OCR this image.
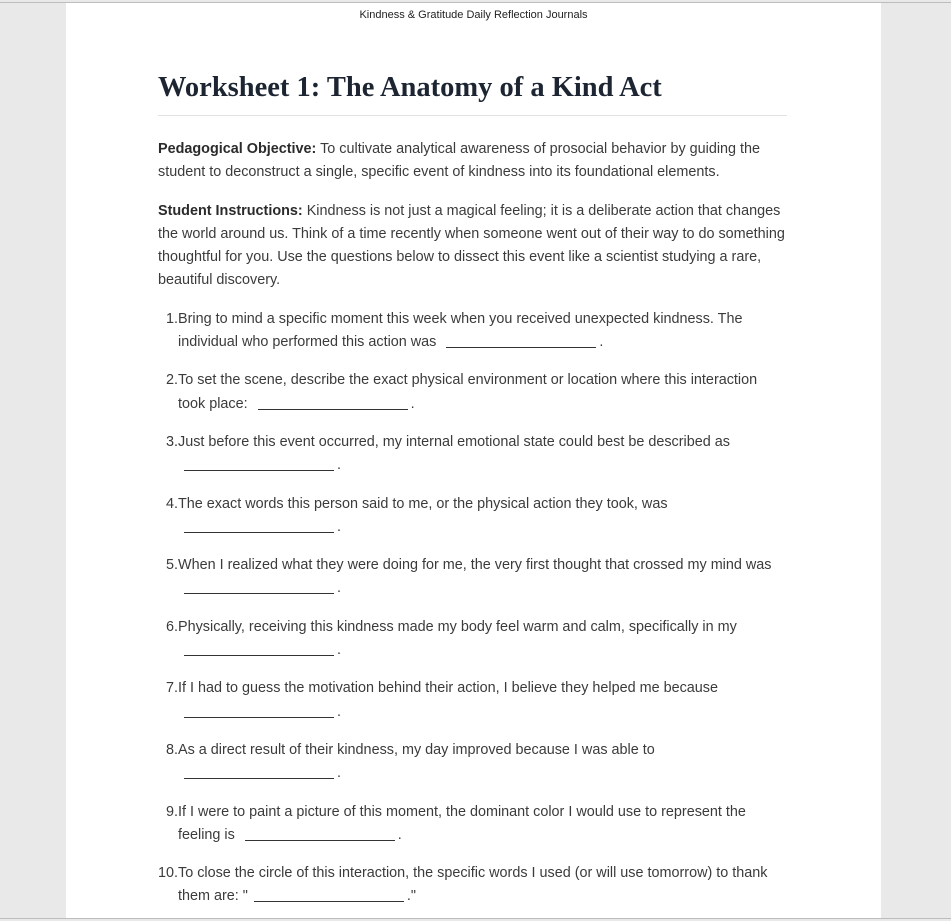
Kindness & Gratitude Daily Reflection Journals
Worksheet 1: The Anatomy of a Kind Act

Pedagogical Objective: To cultivate analytical awareness of prosocial behavior by guiding the student to deconstruct a single, specific event of kindness into its foundational elements.

Student Instructions: Kindness is not just a magical feeling; it is a deliberate action that changes the world around us. Think of a time recently when someone went out of their way to do something thoughtful for you. Use the questions below to dissect this event like a scientist studying a rare, beautiful discovery.

1. Bring to mind a specific moment this week when you received unexpected kindness. The individual who performed this action was	.
2. To set the scene, describe the exact physical environment or location where this interaction took place:	.
3. Just before this event occurred, my internal emotional state could best be described as
.
4. The exact words this person said to me, or the physical action they took, was
.
5. When I realized what they were doing for me, the very first thought that crossed my mind was
.
6. Physically, receiving this kindness made my body feel warm and calm, specifically in my
.
7. If I had to guess the motivation behind their action, I believe they helped me because
.
8. As a direct result of their kindness, my day improved because I was able to
.
9. If I were to paint a picture of this moment, the dominant color I would use to represent the feeling is	.
10. To close the circle of this interaction, the specific words I used (or will use tomorrow) to thank them are: "	."
